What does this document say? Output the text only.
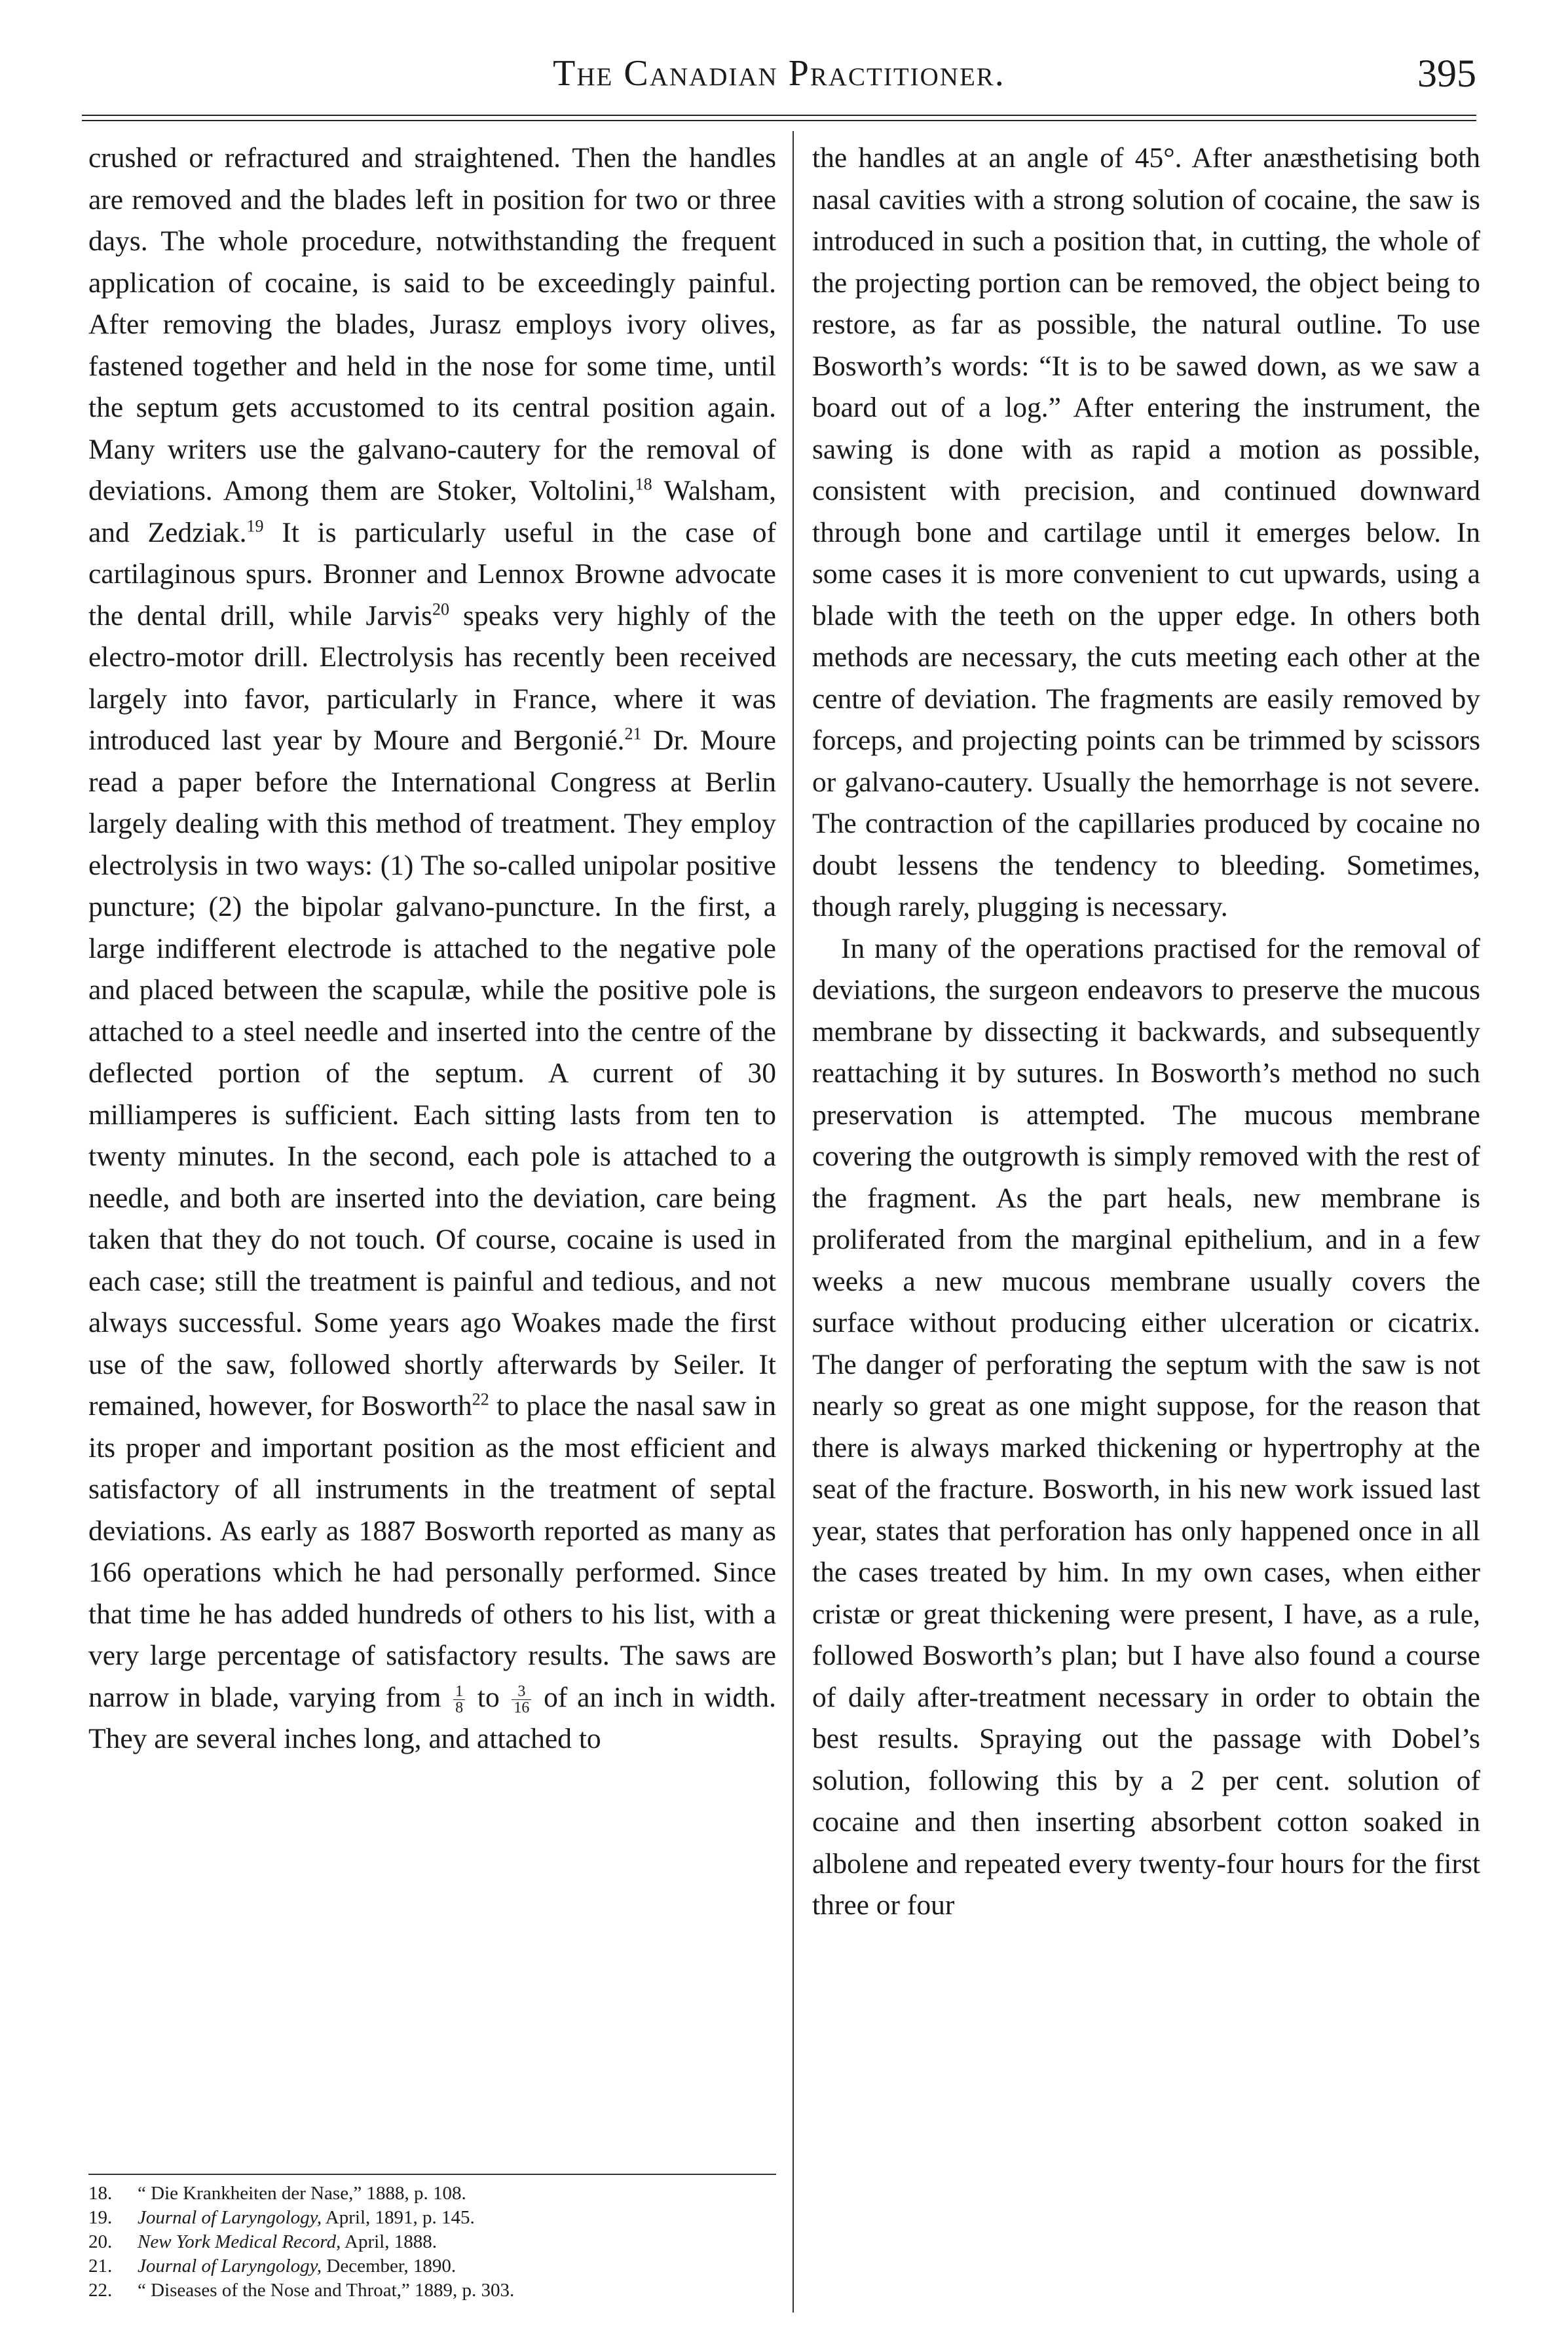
The Canadian Practitioner.	395

crushed or refractured and straightened. Then the handles are removed and the blades left in position for two or three days. The whole procedure, notwithstanding the frequent application of cocaine, is said to be exceedingly painful. After removing the blades, Jurasz employs ivory olives, fastened together and held in the nose for some time, until the septum gets accustomed to its central position again. Many writers use the galvano-cautery for the removal of deviations. Among them are Stoker, Voltolini,$^{18}$ Walsham, and Zedziak.$^{19}$ It is particularly useful in the case of cartilaginous spurs. Bronner and Lennox Browne advocate the dental drill, while Jarvis$^{20}$ speaks very highly of the electro-motor drill. Electrolysis has recently been received largely into favor, particularly in France, where it was introduced last year by Moure and Bergonié.$^{21}$ Dr. Moure read a paper before the International Congress at Berlin largely dealing with this method of treatment. They employ electrolysis in two ways: (1) The so-called unipolar positive puncture; (2) the bipolar galvano-puncture. In the first, a large indifferent electrode is attached to the negative pole and placed between the scapulæ, while the positive pole is attached to a steel needle and inserted into the centre of the deflected portion of the septum. A current of 30 milliamperes is sufficient. Each sitting lasts from ten to twenty minutes. In the second, each pole is attached to a needle, and both are inserted into the deviation, care being taken that they do not touch. Of course, cocaine is used in each case; still the treatment is painful and tedious, and not always successful. Some years ago Woakes made the first use of the saw, followed shortly afterwards by Seiler. It remained, however, for Bosworth$^{22}$ to place the nasal saw in its proper and important position as the most efficient and satisfactory of all instruments in the treatment of septal deviations. As early as 1887 Bosworth reported as many as 166 operations which he had personally performed. Since that time he has added hundreds of others to his list, with a very large percentage of satisfactory results. The saws are narrow in blade, varying from $\frac{1}{8}$ to $\frac{3}{16}$ of an inch in width. They are several inches long, and attached to

the handles at an angle of 45°. After anæsthetising both nasal cavities with a strong solution of cocaine, the saw is introduced in such a position that, in cutting, the whole of the projecting portion can be removed, the object being to restore, as far as possible, the natural outline. To use Bosworth’s words: “It is to be sawed down, as we saw a board out of a log.” After entering the instrument, the sawing is done with as rapid a motion as possible, consistent with precision, and continued downward through bone and cartilage until it emerges below. In some cases it is more convenient to cut upwards, using a blade with the teeth on the upper edge. In others both methods are necessary, the cuts meeting each other at the centre of deviation. The fragments are easily removed by forceps, and projecting points can be trimmed by scissors or galvano-cautery. Usually the hemorrhage is not severe. The contraction of the capillaries produced by cocaine no doubt lessens the tendency to bleeding. Sometimes, though rarely, plugging is necessary.

In many of the operations practised for the removal of deviations, the surgeon endeavors to preserve the mucous membrane by dissecting it backwards, and subsequently reattaching it by sutures. In Bosworth’s method no such preservation is attempted. The mucous membrane covering the outgrowth is simply removed with the rest of the fragment. As the part heals, new membrane is proliferated from the marginal epithelium, and in a few weeks a new mucous membrane usually covers the surface without producing either ulceration or cicatrix. The danger of perforating the septum with the saw is not nearly so great as one might suppose, for the reason that there is always marked thickening or hypertrophy at the seat of the fracture. Bosworth, in his new work issued last year, states that perforation has only happened once in all the cases treated by him. In my own cases, when either cristæ or great thickening were present, I have, as a rule, followed Bosworth’s plan; but I have also found a course of daily after-treatment necessary in order to obtain the best results. Spraying out the passage with Dobel’s solution, following this by a 2 per cent. solution of cocaine and then inserting absorbent cotton soaked in albolene and repeated every twenty-four hours for the first three or four

18.	“ Die Krankheiten der Nase,” 1888, p. 108.
19.	Journal of Laryngology, April, 1891, p. 145.
20.	New York Medical Record, April, 1888.
21.	Journal of Laryngology, December, 1890.
22.	“ Diseases of the Nose and Throat,” 1889, p. 303.
